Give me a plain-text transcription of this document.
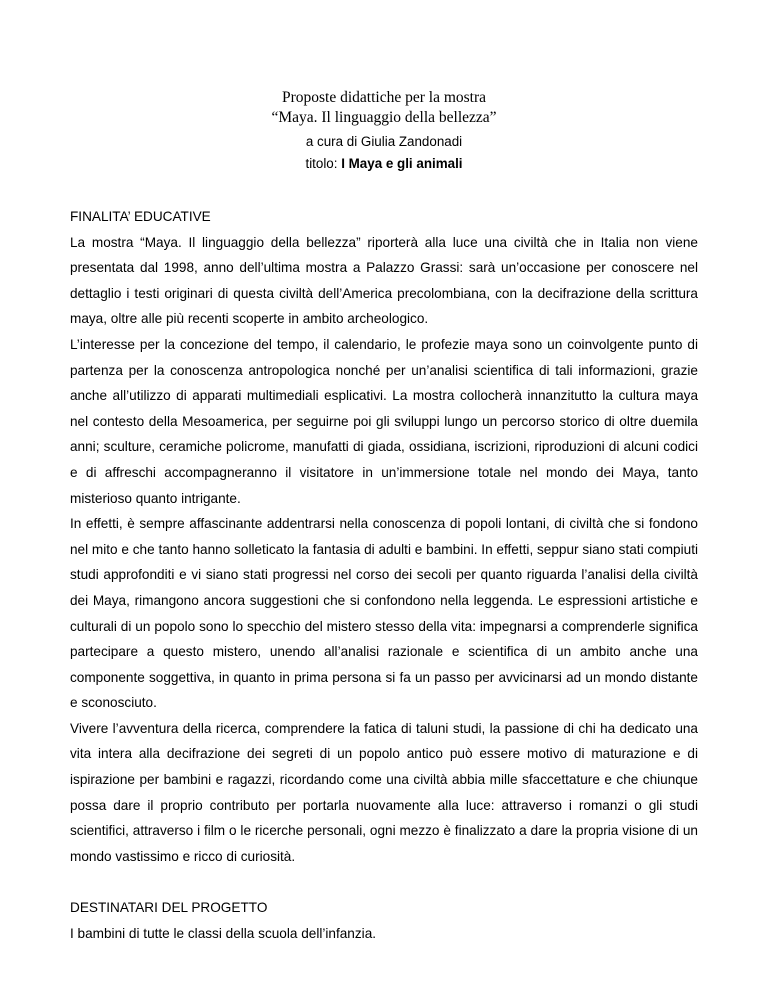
Proposte didattiche per la mostra
“Maya. Il linguaggio della bellezza”
a cura di Giulia Zandonadi
titolo: I Maya e gli animali
FINALITA’ EDUCATIVE

La mostra “Maya. Il linguaggio della bellezza” riporterà alla luce una civiltà che in Italia non viene presentata dal 1998, anno dell’ultima mostra a Palazzo Grassi: sarà un’occasione per conoscere nel dettaglio i testi originari di questa civiltà dell’America precolombiana, con la decifrazione della scrittura maya, oltre alle più recenti scoperte in ambito archeologico.

L’interesse per la concezione del tempo, il calendario, le profezie maya sono un coinvolgente punto di partenza per la conoscenza antropologica nonché per un’analisi scientifica di tali informazioni, grazie anche all’utilizzo di apparati multimediali esplicativi. La mostra collocherà innanzitutto la cultura maya nel contesto della Mesoamerica, per seguirne poi gli sviluppi lungo un percorso storico di oltre duemila anni; sculture, ceramiche policrome, manufatti di giada, ossidiana, iscrizioni, riproduzioni di alcuni codici e di affreschi accompagneranno il visitatore in un’immersione totale nel mondo dei Maya, tanto misterioso quanto intrigante.

In effetti, è sempre affascinante addentrarsi nella conoscenza di popoli lontani, di civiltà che si fondono nel mito e che tanto hanno solleticato la fantasia di adulti e bambini. In effetti, seppur siano stati compiuti studi approfonditi e vi siano stati progressi nel corso dei secoli per quanto riguarda l’analisi della civiltà dei Maya, rimangono ancora suggestioni che si confondono nella leggenda. Le espressioni artistiche e culturali di un popolo sono lo specchio del mistero stesso della vita: impegnarsi a comprenderle significa partecipare a questo mistero, unendo all’analisi razionale e scientifica di un ambito anche una componente soggettiva, in quanto in prima persona si fa un passo per avvicinarsi ad un mondo distante e sconosciuto.

Vivere l’avventura della ricerca, comprendere la fatica di taluni studi, la passione di chi ha dedicato una vita intera alla decifrazione dei segreti di un popolo antico può essere motivo di maturazione e di ispirazione per bambini e ragazzi, ricordando come una civiltà abbia mille sfaccettature e che chiunque possa dare il proprio contributo per portarla nuovamente alla luce: attraverso i romanzi o gli studi scientifici, attraverso i film o le ricerche personali, ogni mezzo è finalizzato a dare la propria visione di un mondo vastissimo e ricco di curiosità.

DESTINATARI DEL PROGETTO

I bambini di tutte le classi della scuola dell’infanzia.
